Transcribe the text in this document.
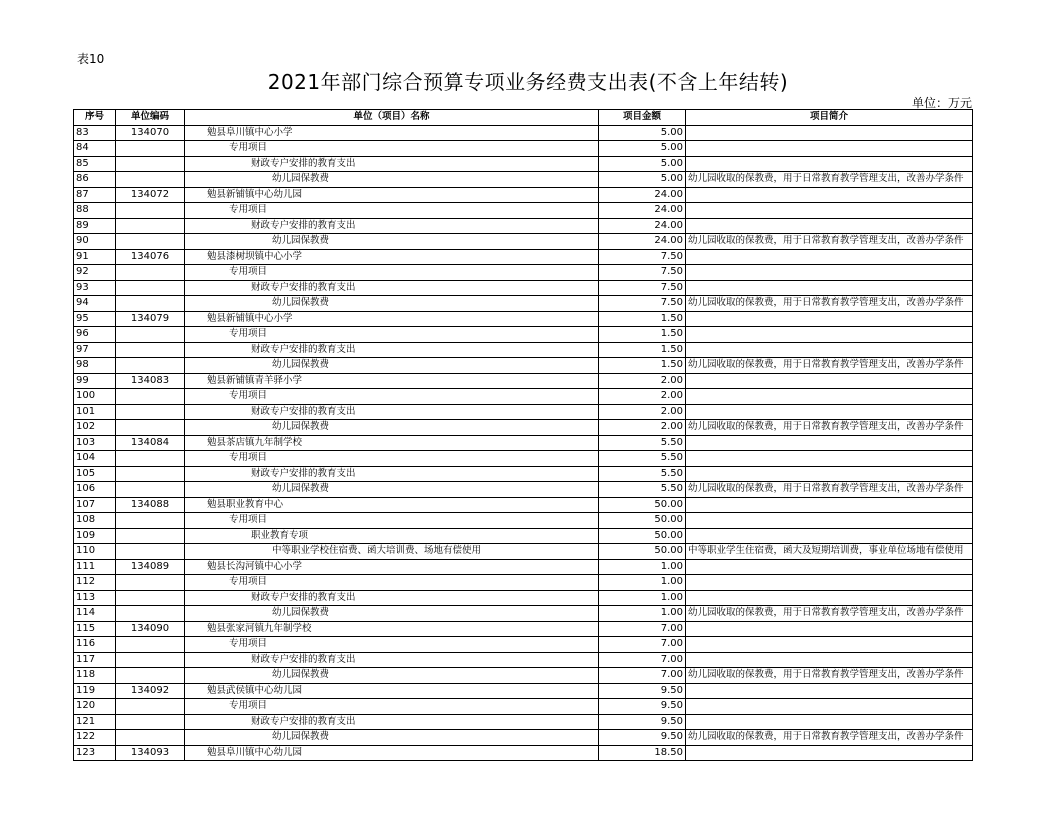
表10
2021年部门综合预算专项业务经费支出表(不含上年结转)
单位：万元
序号	单位编码	单位（项目）名称	项目金额	项目简介
83	134070	勉县阜川镇中心小学	5.00	
84		专用项目	5.00	
85		财政专户安排的教育支出	5.00	
86		幼儿园保教费	5.00	幼儿园收取的保教费，用于日常教育教学管理支出，改善办学条件
87	134072	勉县新铺镇中心幼儿园	24.00	
88		专用项目	24.00	
89		财政专户安排的教育支出	24.00	
90		幼儿园保教费	24.00	幼儿园收取的保教费，用于日常教育教学管理支出，改善办学条件
91	134076	勉县漆树坝镇中心小学	7.50	
92		专用项目	7.50	
93		财政专户安排的教育支出	7.50	
94		幼儿园保教费	7.50	幼儿园收取的保教费，用于日常教育教学管理支出，改善办学条件
95	134079	勉县新铺镇中心小学	1.50	
96		专用项目	1.50	
97		财政专户安排的教育支出	1.50	
98		幼儿园保教费	1.50	幼儿园收取的保教费，用于日常教育教学管理支出，改善办学条件
99	134083	勉县新铺镇青羊驿小学	2.00	
100		专用项目	2.00	
101		财政专户安排的教育支出	2.00	
102		幼儿园保教费	2.00	幼儿园收取的保教费，用于日常教育教学管理支出，改善办学条件
103	134084	勉县茶店镇九年制学校	5.50	
104		专用项目	5.50	
105		财政专户安排的教育支出	5.50	
106		幼儿园保教费	5.50	幼儿园收取的保教费，用于日常教育教学管理支出，改善办学条件
107	134088	勉县职业教育中心	50.00	
108		专用项目	50.00	
109		职业教育专项	50.00	
110		中等职业学校住宿费、函大培训费、场地有偿使用	50.00	中等职业学生住宿费，函大及短期培训费，事业单位场地有偿使用
111	134089	勉县长沟河镇中心小学	1.00	
112		专用项目	1.00	
113		财政专户安排的教育支出	1.00	
114		幼儿园保教费	1.00	幼儿园收取的保教费，用于日常教育教学管理支出，改善办学条件
115	134090	勉县张家河镇九年制学校	7.00	
116		专用项目	7.00	
117		财政专户安排的教育支出	7.00	
118		幼儿园保教费	7.00	幼儿园收取的保教费，用于日常教育教学管理支出，改善办学条件
119	134092	勉县武侯镇中心幼儿园	9.50	
120		专用项目	9.50	
121		财政专户安排的教育支出	9.50	
122		幼儿园保教费	9.50	幼儿园收取的保教费，用于日常教育教学管理支出，改善办学条件
123	134093	勉县阜川镇中心幼儿园	18.50	
